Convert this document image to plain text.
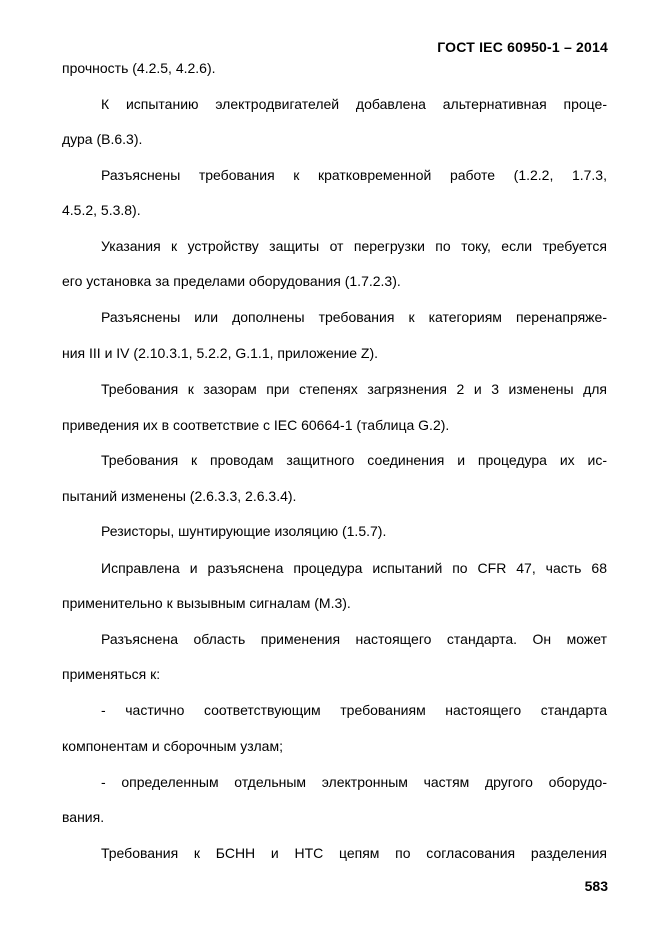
ГОСТ IEC 60950-1 – 2014
прочность (4.2.5, 4.2.6).
К испытанию электродвигателей добавлена альтернативная проце-
дура (В.6.3).
Разъяснены требования к кратковременной работе (1.2.2, 1.7.3,
4.5.2, 5.3.8).
Указания к устройству защиты от перегрузки по току, если требуется
его установка за пределами оборудования (1.7.2.3).
Разъяснены или дополнены требования к категориям перенапряже-
ния III и IV (2.10.3.1, 5.2.2, G.1.1, приложение Z).
Требования к зазорам при степенях загрязнения 2 и 3 изменены для
приведения их в соответствие с IEC 60664-1 (таблица G.2).
Требования к проводам защитного соединения и процедура их ис-
пытаний изменены (2.6.3.3, 2.6.3.4).
Резисторы, шунтирующие изоляцию (1.5.7).
Исправлена и разъяснена процедура испытаний по CFR 47, часть 68
применительно к вызывным сигналам (М.3).
Разъяснена область применения настоящего стандарта. Он может
применяться к:
- частично соответствующим требованиям настоящего стандарта
компонентам и сборочным узлам;
- определенным отдельным электронным частям другого оборудо-
вания.
Требования к БСНН и НТС цепям по согласования разделения
583
